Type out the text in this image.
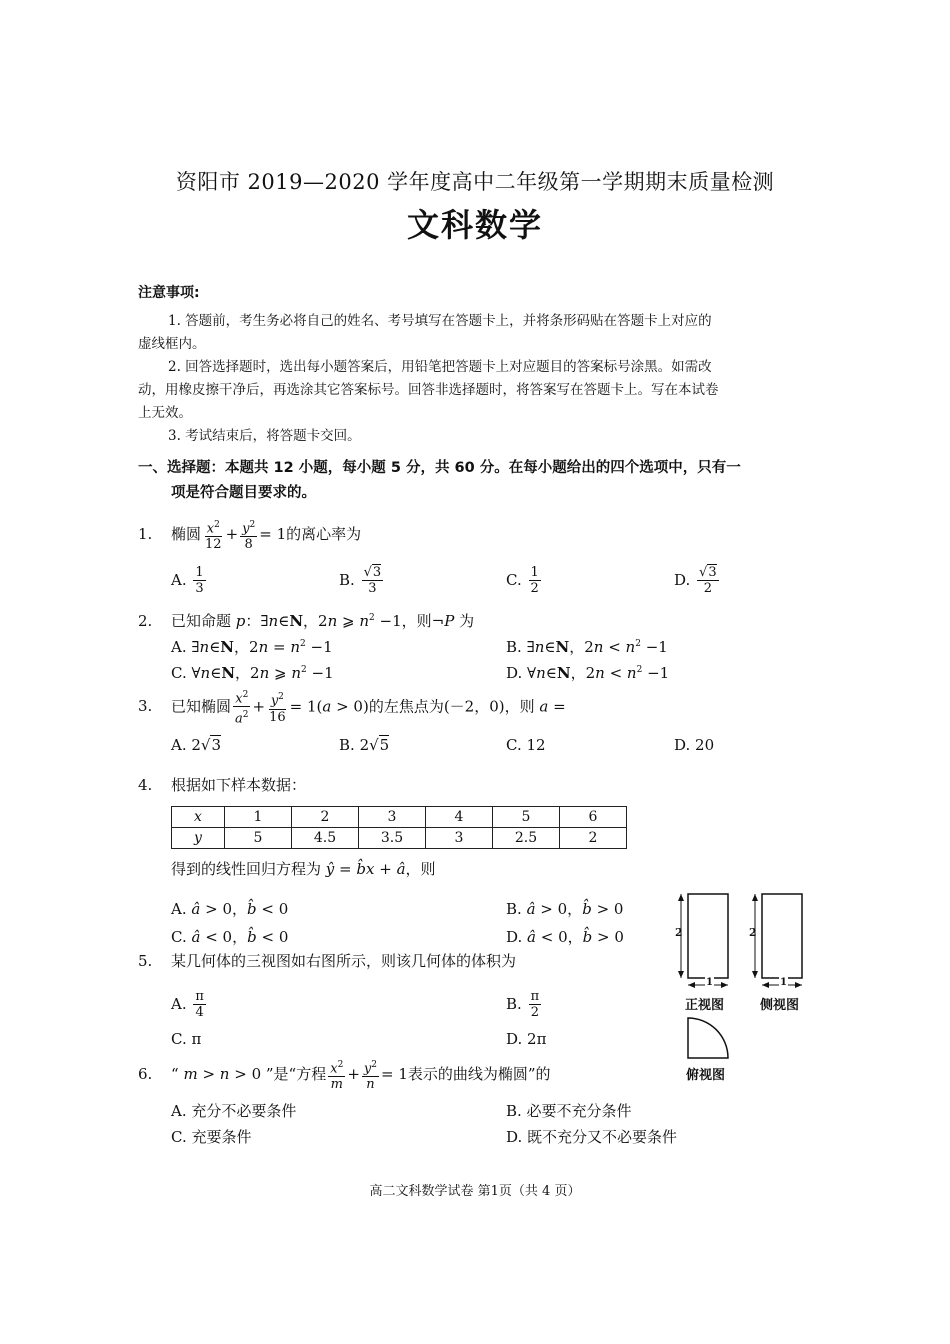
资阳市 2019—2020 学年度高中二年级第一学期期末质量检测
文科数学
注意事项:
1. 答题前，考生务必将自己的姓名、考号填写在答题卡上，并将条形码贴在答题卡上对应的
虚线框内。
2. 回答选择题时，选出每小题答案后，用铅笔把答题卡上对应题目的答案标号涂黑。如需改
动，用橡皮擦干净后，再选涂其它答案标号。回答非选择题时，将答案写在答题卡上。写在本试卷
上无效。
3. 考试结束后，将答题卡交回。
一、选择题：本题共 12 小题，每小题 5 分，共 60 分。在每小题给出的四个选项中，只有一
项是符合题目要求的。
1. 椭圆 $\frac{x^2}{12} + \frac{y^2}{8} = 1$的离心率为
A. $\frac{1}{3}$	B. $\frac{√3}{3}$	C. $\frac{1}{2}$	D. $\frac{√3}{2}$
2. 已知命题 p：∃n∈N，2n ⩾ $n^2 -1$，则¬P 为
A. ∃n∈N，$2n = n^2 -1$	B. ∃n∈N，$2n < n^2 -1$
C. ∀n∈N，2n ⩾ $n^2 -1$	D. ∀n∈N，$2n < n^2 -1$
3. 已知椭圆 $\frac{x^2}{a^2} + \frac{y^2}{16} = 1(a > 0)$的左焦点为(－2，0)，则 a =
A. 2√3	B. 2√5	C. 12	D. 20
4. 根据如下样本数据：
x	1	2	3	4	5	6
y	5	4.5	3.5	3	2.5	2
得到的线性回归方程为 ŷ = b̂x + â，则
A. â > 0，b̂ < 0	B. â > 0，b̂ > 0
C. â < 0，b̂ < 0	D. â < 0，b̂ > 0
5. 某几何体的三视图如右图所示，则该几何体的体积为
A. $\frac{\pi}{4}$	B. $\frac{\pi}{2}$
C. π	D. 2π
2	2
1	1
正视图	侧视图
俯视图
6. “ m > n > 0 ”是“方程 $\frac{x^2}{m} + \frac{y^2}{n} = 1$表示的曲线为椭圆”的
A. 充分不必要条件	B. 必要不充分条件
C. 充要条件	D. 既不充分又不必要条件
高二文科数学试卷 第1页（共 4 页）
